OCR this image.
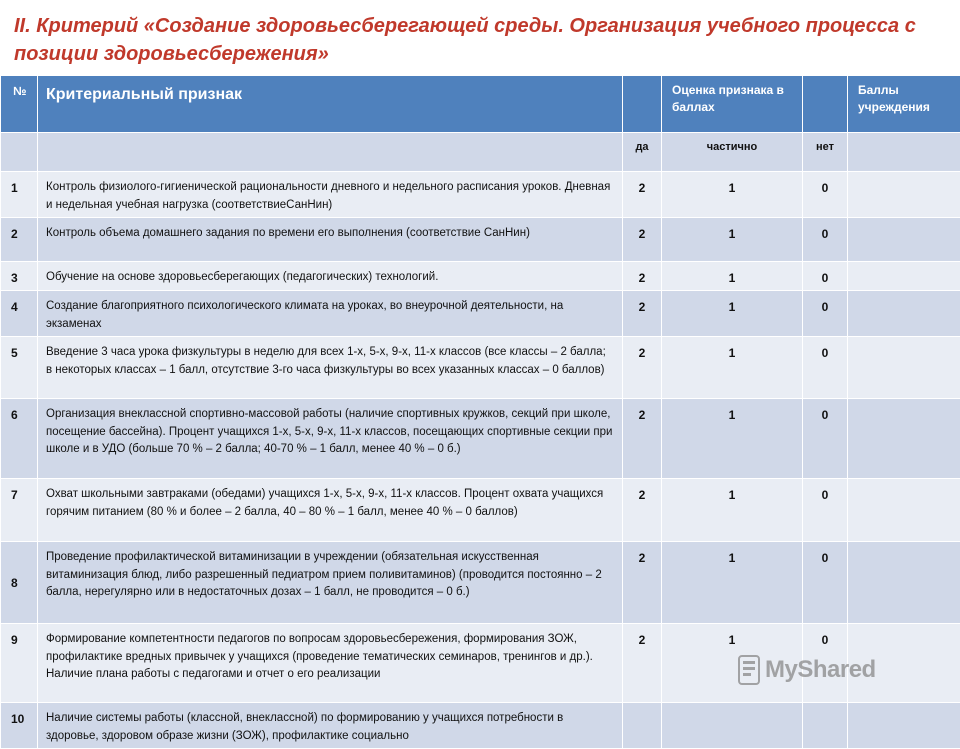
II. Критерий «Создание здоровьесберегающей среды. Организация учебного процесса с позиции здоровьесбережения»
№	Критериальный признак		Оценка признака в баллах		Баллы учреждения
		да	частично	нет	
1	Контроль физиолого-гигиенической рациональности дневного и недельного расписания уроков. Дневная и недельная учебная нагрузка (соответствиеСанНин)	2	1	0	
2	Контроль объема домашнего задания по времени его выполнения (соответствие СанНин)	2	1	0	
3	Обучение на основе здоровьесберегающих (педагогических) технологий.	2	1	0	
4	Создание благоприятного психологического климата на уроках, во внеурочной деятельности, на экзаменах	2	1	0	
5	Введение 3 часа урока физкультуры в неделю для всех 1-х, 5-х, 9-х, 11-х классов (все классы – 2 балла; в некоторых классах – 1 балл, отсутствие 3-го часа физкультуры во всех указанных классах – 0 баллов)	2	1	0	
6	Организация внеклассной спортивно-массовой работы (наличие спортивных кружков, секций при школе, посещение бассейна). Процент учащихся 1-х, 5-х, 9-х, 11-х классов, посещающих спортивные секции при школе и в УДО (больше 70 % – 2 балла; 40-70 % – 1 балл, менее 40 % – 0 б.)	2	1	0	
7	Охват школьными завтраками (обедами) учащихся 1-х, 5-х, 9-х, 11-х классов. Процент охвата учащихся горячим питанием (80 % и более – 2 балла, 40 – 80 % – 1 балл, менее 40 % – 0 баллов)	2	1	0	
8	Проведение профилактической витаминизации в учреждении (обязательная искусственная витаминизация блюд, либо разрешенный педиатром прием поливитаминов) (проводится постоянно – 2 балла, нерегулярно или в недостаточных дозах – 1 балл, не проводится – 0 б.)	2	1	0	
9	Формирование компетентности педагогов по вопросам здоровьесбережения, формирования ЗОЖ, профилактике вредных привычек у учащихся (проведение тематических семинаров, тренингов и др.). Наличие плана работы с педагогами и отчет о его реализации	2	1	0	
10	Наличие системы работы (классной, внеклассной) по формированию у учащихся потребности в здоровье, здоровом образе жизни (ЗОЖ), профилактике социально				
MyShared
